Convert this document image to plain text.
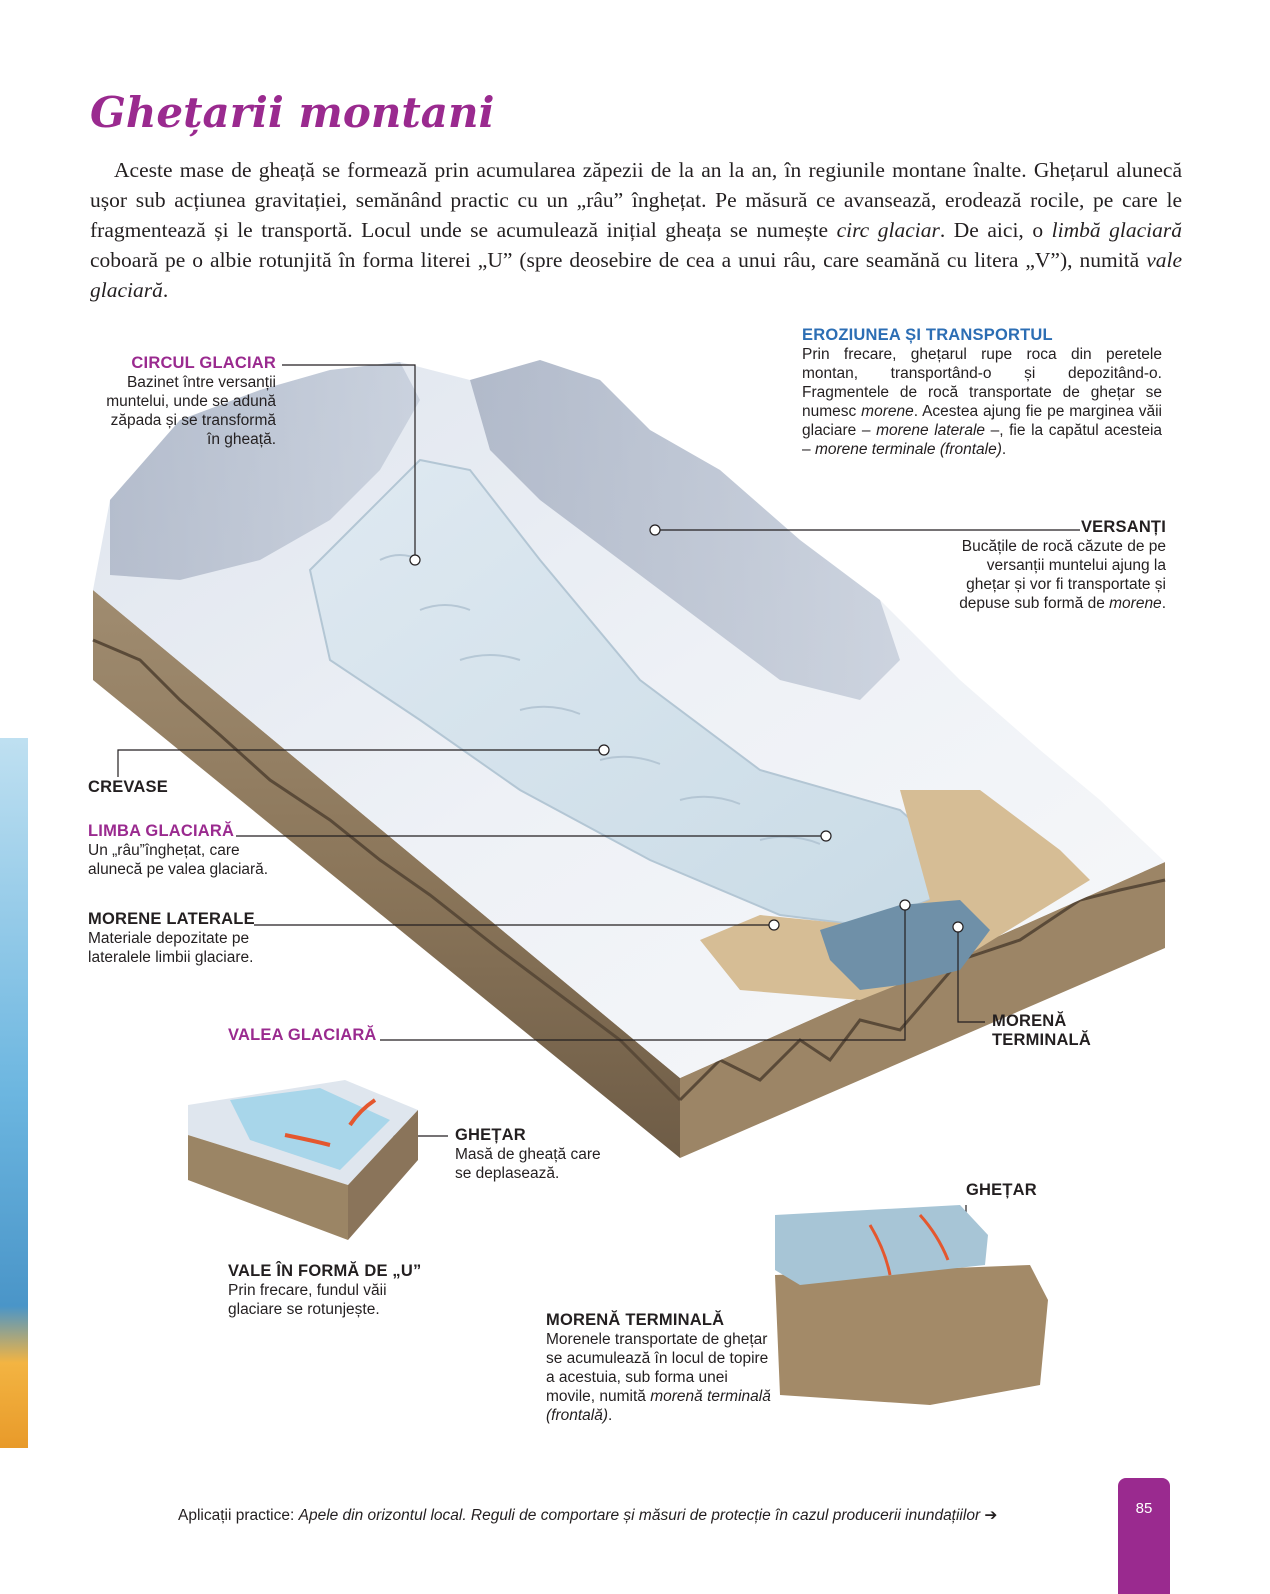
Ghețarii montani

Aceste mase de gheață se formează prin acumularea zăpezii de la an la an, în regiunile montane înalte. Ghețarul alunecă ușor sub acțiunea gravitației, semănând practic cu un „râu” înghețat. Pe măsură ce avansează, erodează rocile, pe care le fragmentează și le transportă. Locul unde se acumulează inițial gheața se numește circ glaciar. De aici, o limbă glaciară coboară pe o albie rotunjită în forma literei „U” (spre deosebire de cea a unui râu, care seamănă cu litera „V”), numită vale glaciară.

CIRCUL GLACIAR
Bazinet între versanții muntelui, unde se adună zăpada și se transformă în gheață.
EROZIUNEA ȘI TRANSPORTUL
Prin frecare, ghețarul rupe roca din peretele montan, transportând-o și depozitând-o. Fragmentele de rocă transportate de ghețar se numesc morene. Acestea ajung fie pe marginea văii glaciare – morene laterale –, fie la capătul acesteia – morene terminale (frontale).
VERSANȚI
Bucățile de rocă căzute de pe versanții muntelui ajung la ghețar și vor fi transportate și depuse sub formă de morene.
CREVASE
LIMBA GLACIARĂ
Un „râu”înghețat, care alunecă pe valea glaciară.
MORENE LATERALE
Materiale depozitate pe lateralele limbii glaciare.
VALEA GLACIARĂ
MORENĂ
TERMINALĂ
GHEȚAR
Masă de gheață care se deplasează.
VALE ÎN FORMĂ DE „U”
Prin frecare, fundul văii glaciare se rotunjește.
GHEȚAR
MORENĂ TERMINALĂ
Morenele transportate de ghețar se acumulează în locul de topire a acestuia, sub forma unei movile, numită morenă terminală (frontală).
Aplicații practice: Apele din orizontul local. Reguli de comportare și măsuri de protecție în cazul producerii inundațiilor ➔	85
